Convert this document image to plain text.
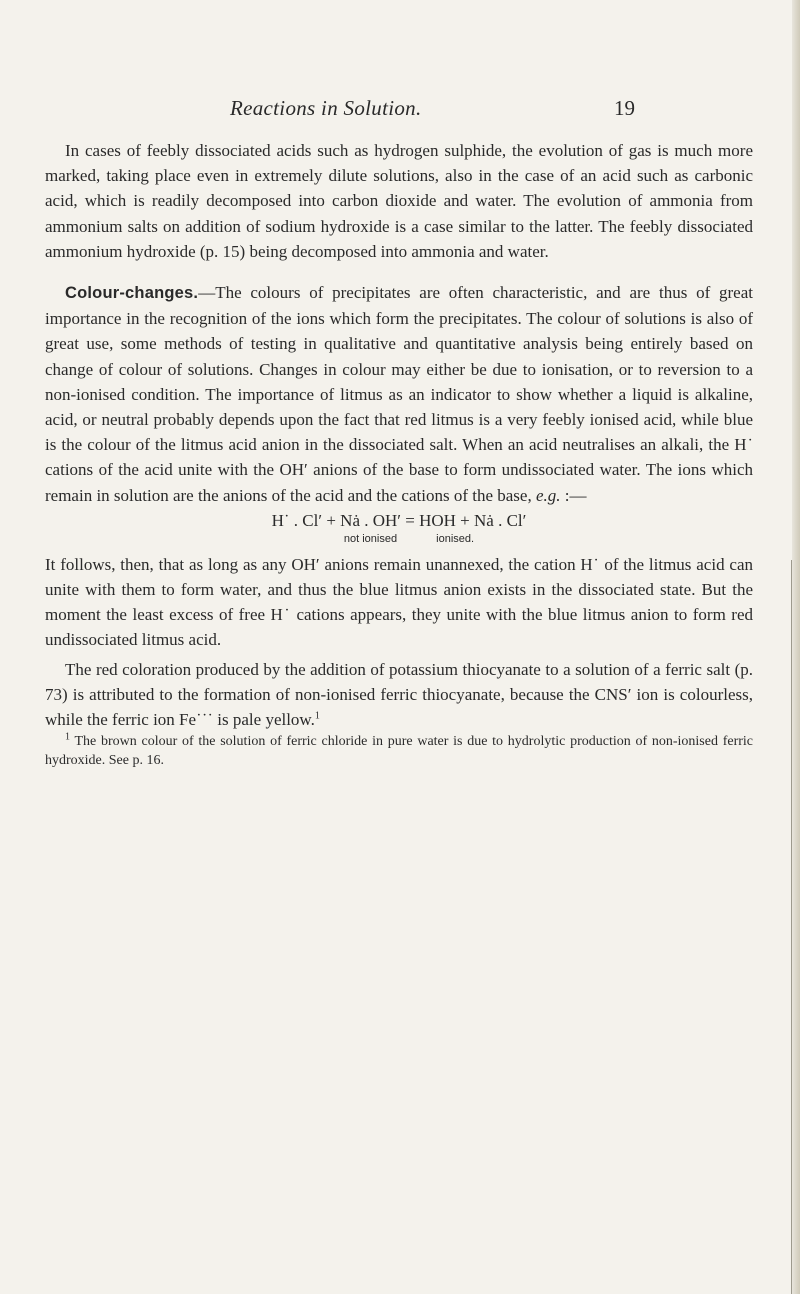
Reactions in Solution.	19

In cases of feebly dissociated acids such as hydrogen sulphide, the evolution of gas is much more marked, taking place even in extremely dilute solutions, also in the case of an acid such as carbonic acid, which is readily decomposed into carbon dioxide and water. The evolution of ammonia from ammonium salts on addition of sodium hydroxide is a case similar to the latter. The feebly dissociated ammonium hydroxide (p. 15) being decomposed into ammonia and water.

Colour-changes.—The colours of precipitates are often characteristic, and are thus of great importance in the recognition of the ions which form the precipitates. The colour of solutions is also of great use, some methods of testing in qualitative and quantitative analysis being entirely based on change of colour of solutions. Changes in colour may either be due to ionisation, or to reversion to a non-ionised condition. The importance of litmus as an indicator to show whether a liquid is alkaline, acid, or neutral probably depends upon the fact that red litmus is a very feebly ionised acid, while blue is the colour of the litmus acid anion in the dissociated salt. When an acid neutralises an alkali, the H˙ cations of the acid unite with the OH′ anions of the base to form undissociated water. The ions which remain in solution are the anions of the acid and the cations of the base, e.g. :—

H˙ . Cl′ + Nȧ . OH′ = HOH + Nȧ . Cl′
not ionised	ionised.

It follows, then, that as long as any OH′ anions remain unannexed, the cation H˙ of the litmus acid can unite with them to form water, and thus the blue litmus anion exists in the dissociated state. But the moment the least excess of free H˙ cations appears, they unite with the blue litmus anion to form red undissociated litmus acid.

The red coloration produced by the addition of potassium thiocyanate to a solution of a ferric salt (p. 73) is attributed to the formation of non-ionised ferric thiocyanate, because the CNS′ ion is colourless, while the ferric ion Fe˙˙˙ is pale yellow.$^1$

$^1$ The brown colour of the solution of ferric chloride in pure water is due to hydrolytic production of non-ionised ferric hydroxide. See p. 16.
